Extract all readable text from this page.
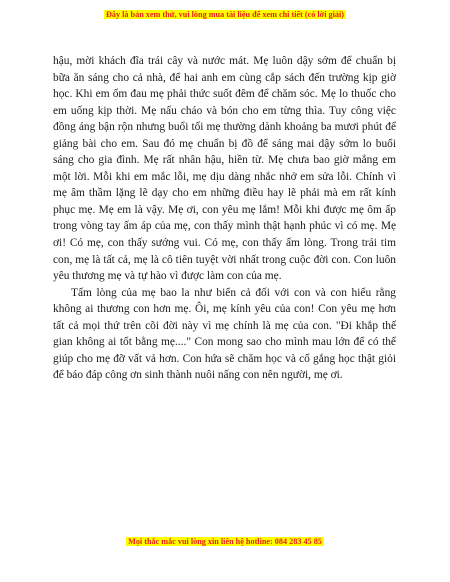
Đây là bản xem thử, vui lòng mua tài liệu để xem chi tiết (có lời giải)

hậu, mời khách đĩa trái cây và nước mát. Mẹ luôn dậy sớm để chuẩn bị bữa ăn sáng cho cả nhà, để hai anh em cùng cắp sách đến trường kịp giờ học. Khi em ốm đau mẹ phải thức suốt đêm để chăm sóc. Mẹ lo thuốc cho em uống kịp thời. Mẹ nấu cháo và bón cho em từng thìa. Tuy công việc đồng áng bận rộn nhưng buổi tối mẹ thường dành khoảng ba mươi phút để giảng bài cho em. Sau đó mẹ chuẩn bị đồ để sáng mai dậy sớm lo buổi sáng cho gia đình. Mẹ rất nhân hậu, hiền từ. Mẹ chưa bao giờ mắng em một lời. Mỗi khi em mắc lỗi, mẹ dịu dàng nhắc nhở em sửa lỗi. Chính vì mẹ âm thầm lặng lẽ dạy cho em những điều hay lẽ phải mà em rất kính phục mẹ. Mẹ em là vậy. Mẹ ơi, con yêu mẹ lắm! Mỗi khi được mẹ ôm ấp trong vòng tay ấm áp của mẹ, con thấy mình thật hạnh phúc vì có mẹ. Mẹ ơi! Có mẹ, con thấy sướng vui. Có mẹ, con thấy ấm lòng. Trong trái tim con, mẹ là tất cả, mẹ là cô tiên tuyệt vời nhất trong cuộc đời con. Con luôn yêu thương mẹ và tự hào vì được làm con của mẹ.

Tấm lòng của mẹ bao la như biển cả đối với con và con hiểu rằng không ai thương con hơn mẹ. Ôi, mẹ kính yêu của con! Con yêu mẹ hơn tất cả mọi thứ trên cõi đời này vì mẹ chính là mẹ của con. "Đi khắp thế gian không ai tốt bằng mẹ...." Con mong sao cho mình mau lớn để có thể giúp cho mẹ đỡ vất vả hơn. Con hứa sẽ chăm học và cố gắng học thật giỏi để báo đáp công ơn sinh thành nuôi nấng con nên người, mẹ ơi.

Mọi thắc mắc vui lòng xin liên hệ hotline: 084 283 45 85
